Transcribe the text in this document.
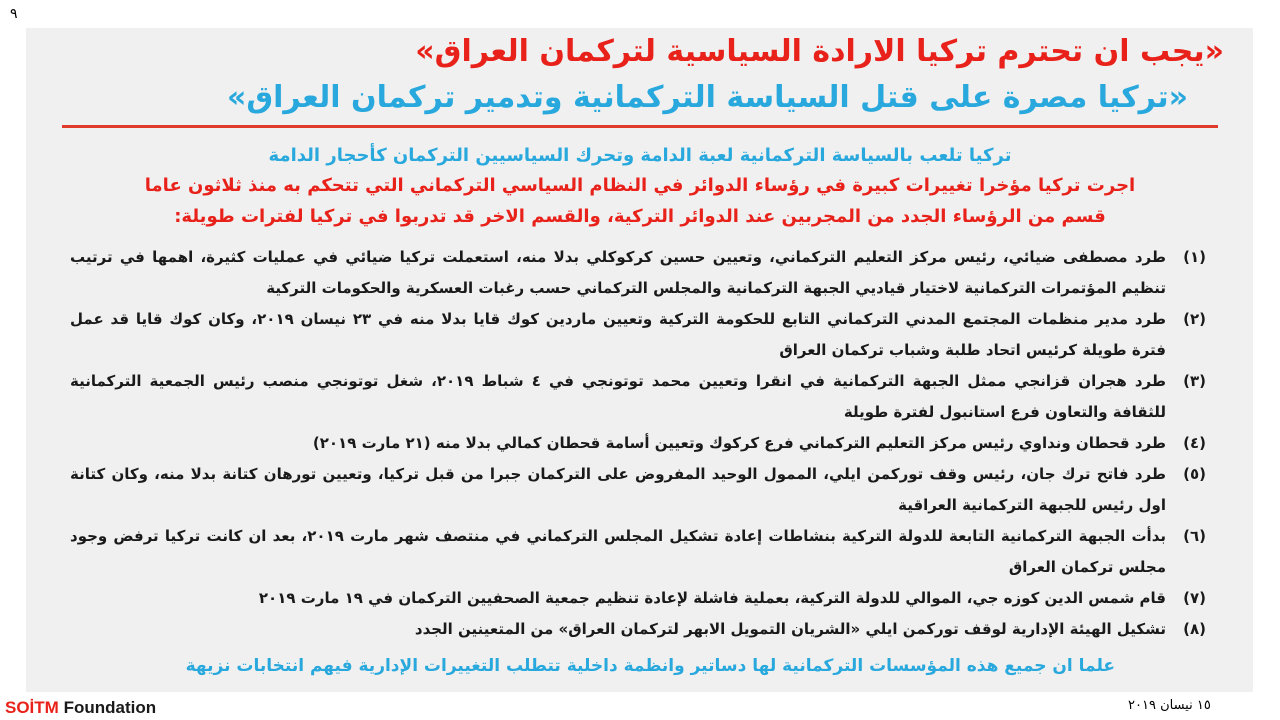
٩
«يجب ان تحترم تركيا الارادة السياسية لتركمان العراق»
«تركيا مصرة على قتل السياسة التركمانية وتدمير تركمان العراق»
تركيا تلعب بالسياسة التركمانية لعبة الدامة وتحرك السياسيين التركمان كأحجار الدامة
اجرت تركيا مؤخرا تغييرات كبيرة في رؤساء الدوائر في النظام السياسي التركماني التي تتحكم به منذ ثلاثون عاما
قسم من الرؤساء الجدد من المجربين عند الدوائر التركية، والقسم الاخر قد تدربوا في تركيا لفترات طويلة:
(١)
طرد مصطفى ضيائي، رئيس مركز التعليم التركماني، وتعيين حسين كركوكلي بدلا منه، استعملت تركيا ضيائي في عمليات كثيرة، اهمها في ترتيب تنظيم المؤتمرات التركمانية لاختيار قياديي الجبهة التركمانية والمجلس التركماني حسب رغبات العسكرية والحكومات التركية
(٢)
طرد مدير منظمات المجتمع المدني التركماني التابع للحكومة التركية وتعيين ماردين كوك قايا بدلا منه في ٢٣ نيسان ٢٠١٩، وكان كوك قايا قد عمل فترة طويلة كرئيس اتحاد طلبة وشباب تركمان العراق
(٣)
طرد هجران قزانجي ممثل الجبهة التركمانية في انقرا وتعيين محمد توتونجي في ٤ شباط ٢٠١٩، شغل توتونجي منصب رئيس الجمعية التركمانية للثقافة والتعاون فرع استانبول لفترة طويلة
(٤)
طرد قحطان ونداوي رئيس مركز التعليم التركماني فرع كركوك وتعيين أسامة قحطان كمالي بدلا منه (٢١ مارت ٢٠١٩)
(٥)
طرد فاتح ترك جان، رئيس وقف توركمن ايلي، الممول الوحيد المفروض على التركمان جبرا من قبل تركيا، وتعيين تورهان كتانة بدلا منه، وكان كتانة اول رئيس للجبهة التركمانية العراقية
(٦)
بدأت الجبهة التركمانية التابعة للدولة التركية بنشاطات إعادة تشكيل المجلس التركماني في منتصف شهر مارت ٢٠١٩، بعد ان كانت تركيا ترفض وجود مجلس تركمان العراق
(٧)
قام شمس الدين كوزه جي، الموالي للدولة التركية، بعملية فاشلة لإعادة تنظيم جمعية الصحفيين التركمان في ١٩ مارت ٢٠١٩
(٨)
تشكيل الهيئة الإدارية لوقف توركمن ايلي «الشريان التمويل الابهر لتركمان العراق» من المتعينين الجدد
علما ان جميع هذه المؤسسات التركمانية لها دساتير وانظمة داخلية تتطلب التغييرات الإدارية فيهم انتخابات نزيهة
SOİTM Foundation	١٥ نيسان ٢٠١٩
